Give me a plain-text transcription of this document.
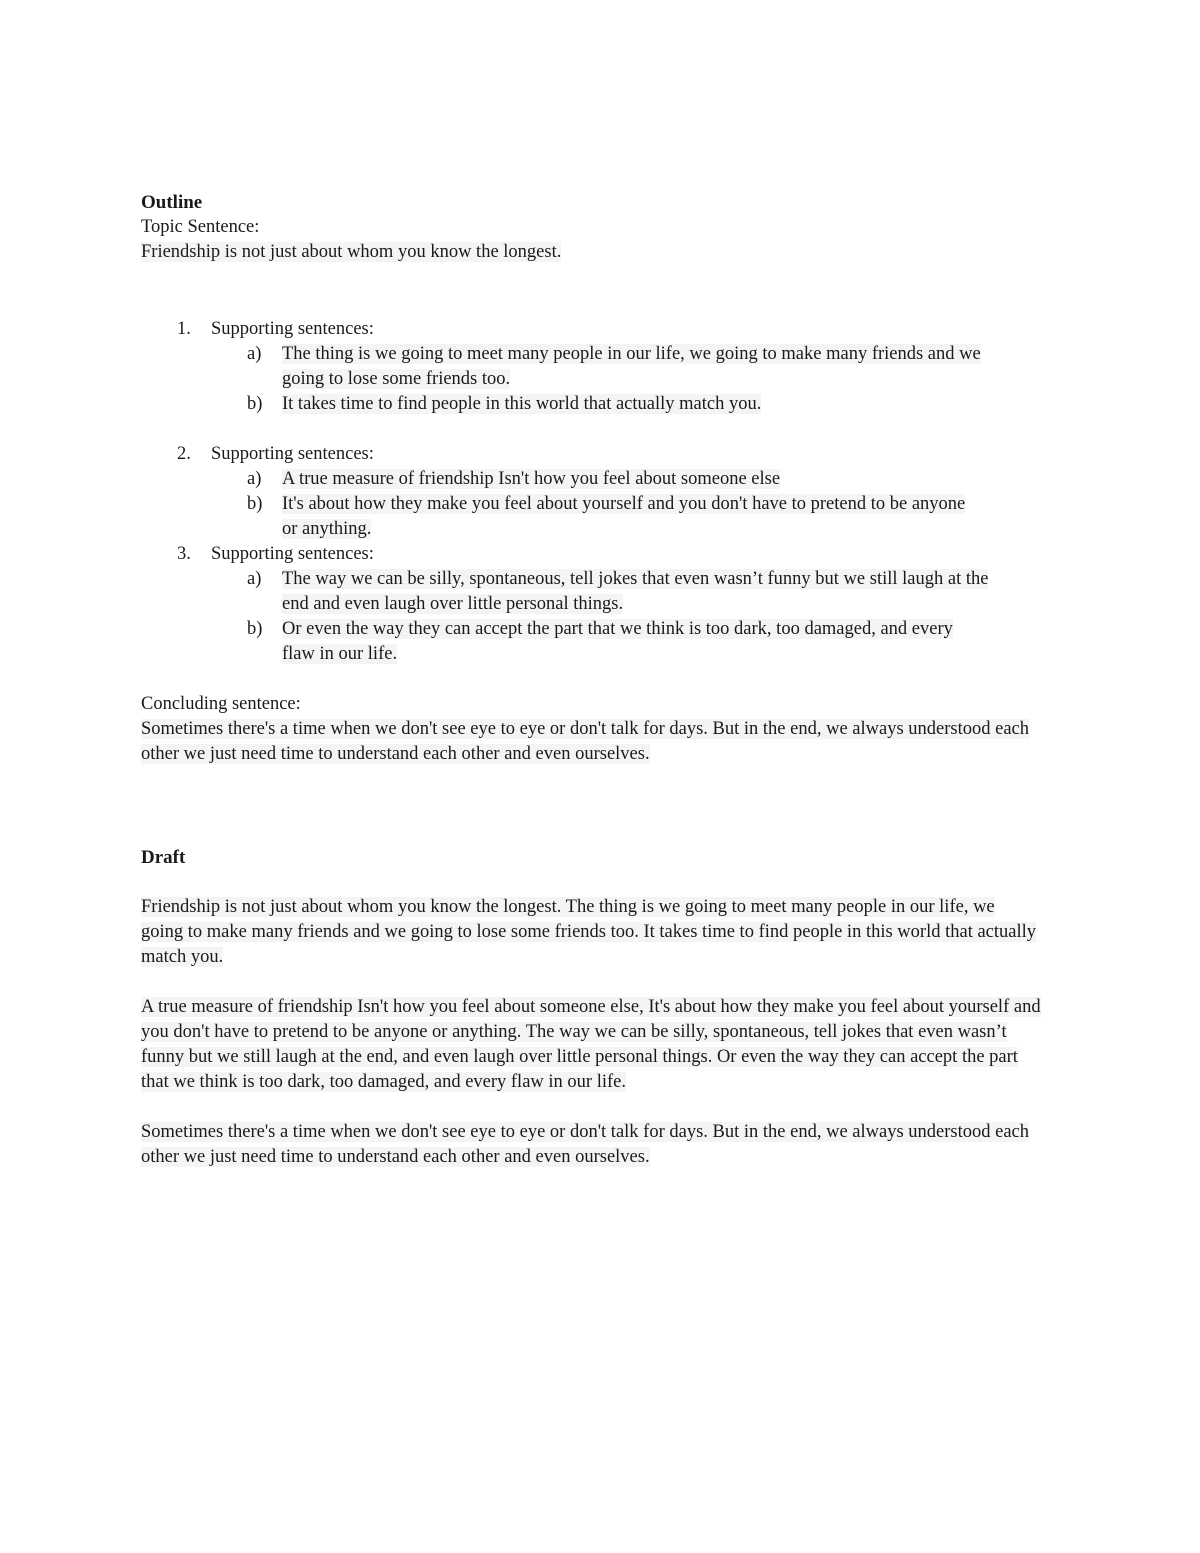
Outline

Topic Sentence:

Friendship is not just about whom you know the longest.

1. Supporting sentences:
a) The thing is we going to meet many people in our life, we going to make many friends and we going to lose some friends too.
b) It takes time to find people in this world that actually match you.
2. Supporting sentences:
a) A true measure of friendship Isn't how you feel about someone else
b) It's about how they make you feel about yourself and you don't have to pretend to be anyone or anything.
3. Supporting sentences:
a) The way we can be silly, spontaneous, tell jokes that even wasn’t funny but we still laugh at the end and even laugh over little personal things.
b) Or even the way they can accept the part that we think is too dark, too damaged, and every flaw in our life.

Concluding sentence:

Sometimes there's a time when we don't see eye to eye or don't talk for days. But in the end, we always understood each other we just need time to understand each other and even ourselves.

Draft

Friendship is not just about whom you know the longest. The thing is we going to meet many people in our life, we going to make many friends and we going to lose some friends too. It takes time to find people in this world that actually match you.

A true measure of friendship Isn't how you feel about someone else, It's about how they make you feel about yourself and you don't have to pretend to be anyone or anything. The way we can be silly, spontaneous, tell jokes that even wasn’t funny but we still laugh at the end, and even laugh over little personal things. Or even the way they can accept the part that we think is too dark, too damaged, and every flaw in our life.

Sometimes there's a time when we don't see eye to eye or don't talk for days. But in the end, we always understood each other we just need time to understand each other and even ourselves.
